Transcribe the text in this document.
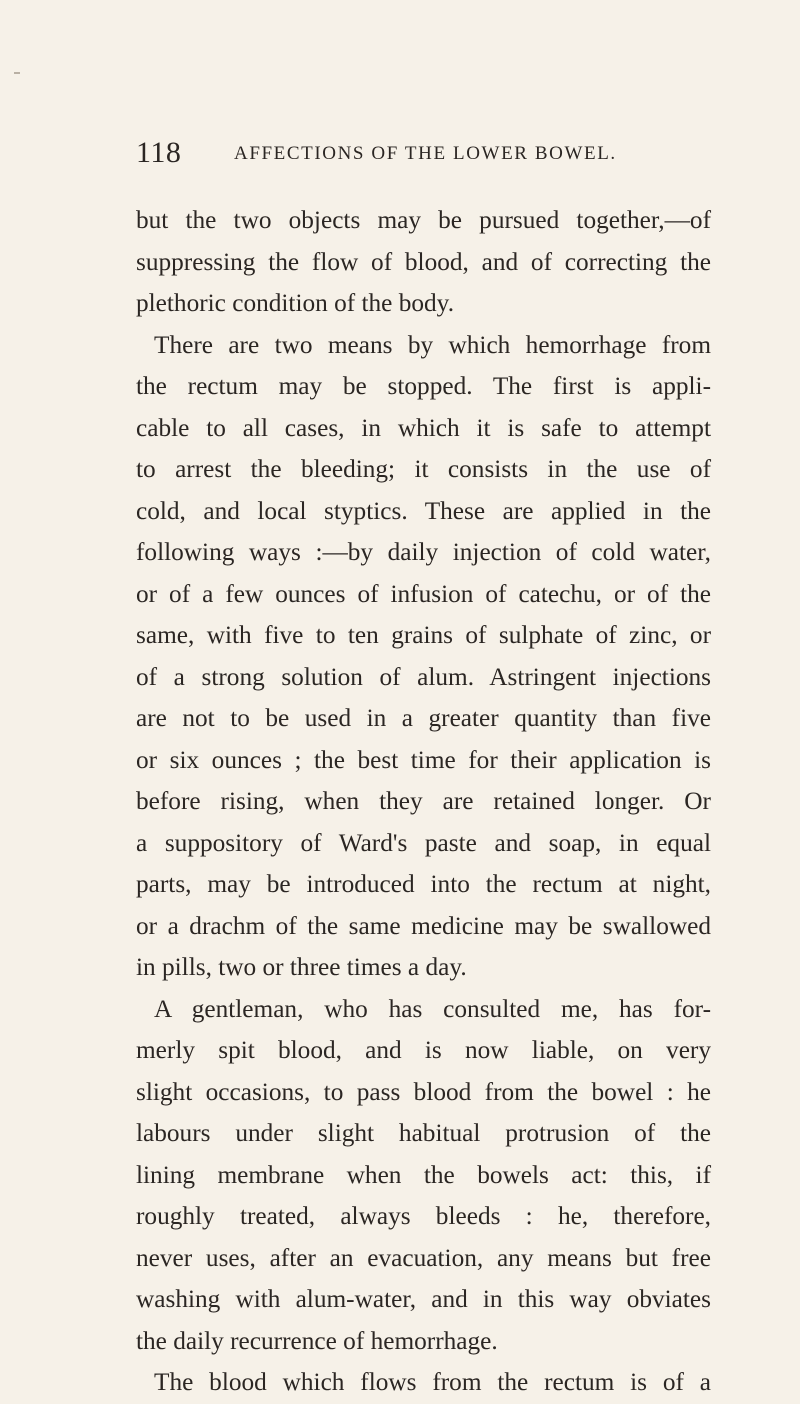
118	AFFECTIONS OF THE LOWER BOWEL.
but the two objects may be pursued together,—of
suppressing the flow of blood, and of correcting the
plethoric condition of the body.
There are two means by which hemorrhage from
the rectum may be stopped. The first is appli-
cable to all cases, in which it is safe to attempt
to arrest the bleeding; it consists in the use of
cold, and local styptics. These are applied in the
following ways :—by daily injection of cold water,
or of a few ounces of infusion of catechu, or of the
same, with five to ten grains of sulphate of zinc, or
of a strong solution of alum. Astringent injections
are not to be used in a greater quantity than five
or six ounces ; the best time for their application is
before rising, when they are retained longer. Or
a suppository of Ward's paste and soap, in equal
parts, may be introduced into the rectum at night,
or a drachm of the same medicine may be swallowed
in pills, two or three times a day.
A gentleman, who has consulted me, has for-
merly spit blood, and is now liable, on very
slight occasions, to pass blood from the bowel : he
labours under slight habitual protrusion of the
lining membrane when the bowels act: this, if
roughly treated, always bleeds : he, therefore,
never uses, after an evacuation, any means but free
washing with alum-water, and in this way obviates
the daily recurrence of hemorrhage.
The blood which flows from the rectum is of a
